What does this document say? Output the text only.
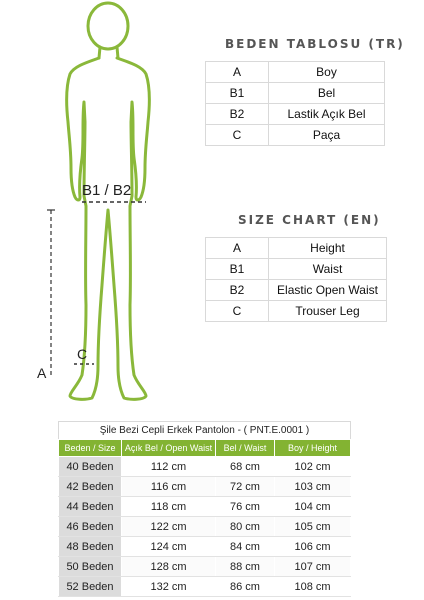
B1 / B2
C
A
BEDEN TABLOSU (TR)
A	Boy
B1	Bel
B2	Lastik Açık Bel
C	Paça
SIZE CHART (EN)
A	Height
B1	Waist
B2	Elastic Open Waist
C	Trouser Leg
Şile Bezi Cepli Erkek Pantolon - ( PNT.E.0001 )
Beden / Size	Açık Bel / Open Waist	Bel / Waist	Boy / Height
40 Beden	112 cm	68 cm	102 cm
42 Beden	116 cm	72 cm	103 cm
44 Beden	118 cm	76 cm	104 cm
46 Beden	122 cm	80 cm	105 cm
48 Beden	124 cm	84 cm	106 cm
50 Beden	128 cm	88 cm	107 cm
52 Beden	132 cm	86 cm	108 cm
